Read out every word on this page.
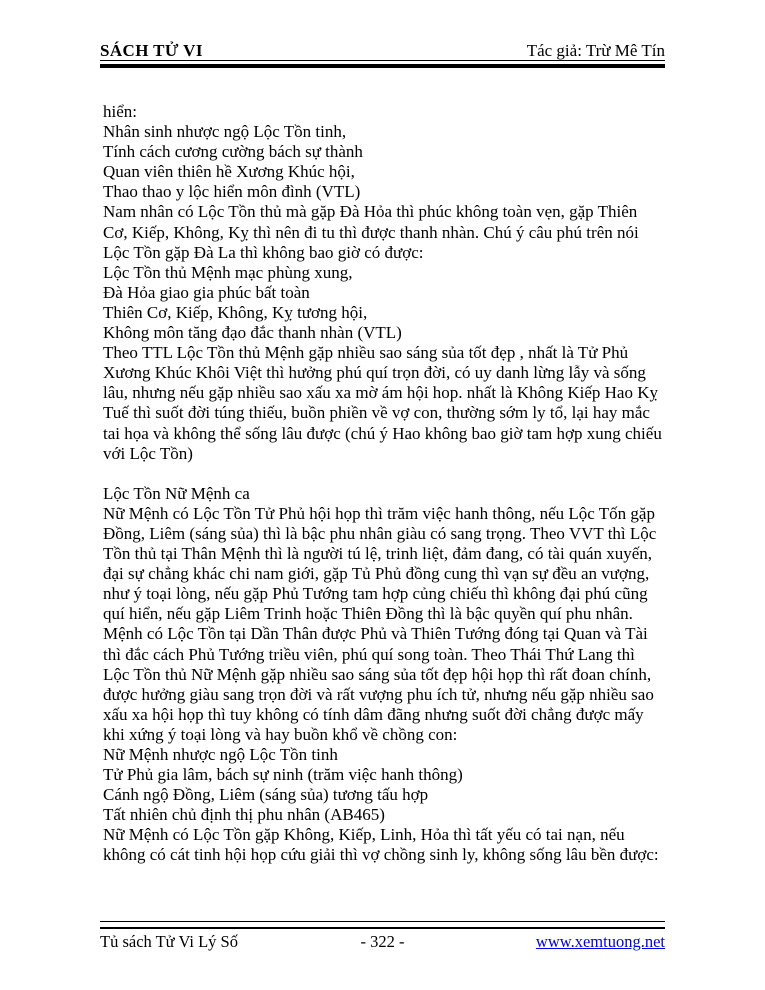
SÁCH TỬ VI	Tác giả: Trừ Mê Tín
hiển:
Nhân sinh nhược ngộ Lộc Tồn tinh,
Tính cách cương cường bách sự thành
Quan viên thiên hề Xương Khúc hội,
Thao thao y lộc hiển môn đình (VTL)
Nam nhân có Lộc Tồn thủ mà gặp Đà Hỏa thì phúc không toàn vẹn, gặp Thiên
Cơ, Kiếp, Không, Kỵ thì nên đi tu thì được thanh nhàn. Chú ý câu phú trên nói
Lộc Tồn gặp Đà La thì không bao giờ có được:
Lộc Tồn thủ Mệnh mạc phùng xung,
Đà Hỏa giao gia phúc bất toàn
Thiên Cơ, Kiếp, Không, Kỵ tương hội,
Không môn tăng đạo đắc thanh nhàn (VTL)
Theo TTL Lộc Tồn thủ Mệnh gặp nhiều sao sáng sủa tốt đẹp , nhất là Tử Phủ
Xương Khúc Khôi Việt thì hưởng phú quí trọn đời, có uy danh lừng lẫy và sống
lâu, nhưng nếu gặp nhiều sao xấu xa mờ ám hội hop. nhất là Không Kiếp Hao Kỵ
Tuế thì suốt đời túng thiếu, buồn phiền về vợ con, thường sớm ly tổ, lại hay mắc
tai họa và không thể sống lâu được (chú ý Hao không bao giờ tam hợp xung chiếu
với Lộc Tồn)
Lộc Tồn Nữ Mệnh ca
Nữ Mệnh có Lộc Tồn Tử Phủ hội họp thì trăm việc hanh thông, nếu Lộc Tốn gặp
Đồng, Liêm (sáng sủa) thì là bậc phu nhân giàu có sang trọng. Theo VVT thì Lộc
Tồn thủ tại Thân Mệnh thì là người tú lệ, trinh liệt, đảm đang, có tài quán xuyến,
đại sự chẳng khác chi nam giới, gặp Tủ Phủ đồng cung thì vạn sự đều an vượng,
như ý toại lòng, nếu gặp Phủ Tướng tam hợp củng chiếu thì không đại phú cũng
quí hiển, nếu gặp Liêm Trinh hoặc Thiên Đồng thì là bậc quyền quí phu nhân.
Mệnh có Lộc Tồn tại Dần Thân được Phủ và Thiên Tướng đóng tại Quan và Tài
thì đắc cách Phủ Tướng triều viên, phú quí song toàn. Theo Thái Thứ Lang thì
Lộc Tồn thủ Nữ Mệnh gặp nhiều sao sáng sủa tốt đẹp hội họp thì rất đoan chính,
được hưởng giàu sang trọn đời và rất vượng phu ích tử, nhưng nếu gặp nhiều sao
xấu xa hội họp thì tuy không có tính dâm đãng nhưng suốt đời chẳng được mấy
khi xứng ý toại lòng và hay buồn khổ về chồng con:
Nữ Mệnh nhược ngộ Lộc Tồn tinh
Tử Phủ gia lâm, bách sự ninh (trăm việc hanh thông)
Cánh ngộ Đồng, Liêm (sáng sủa) tương tấu hợp
Tất nhiên chủ định thị phu nhân (AB465)
Nữ Mệnh có Lộc Tồn gặp Không, Kiếp, Linh, Hỏa thì tất yếu có tai nạn, nếu
không có cát tinh hội họp cứu giải thì vợ chồng sinh ly, không sống lâu bền được:
Tủ sách Tử Vi Lý Số	- 322 -	www.xemtuong.net
